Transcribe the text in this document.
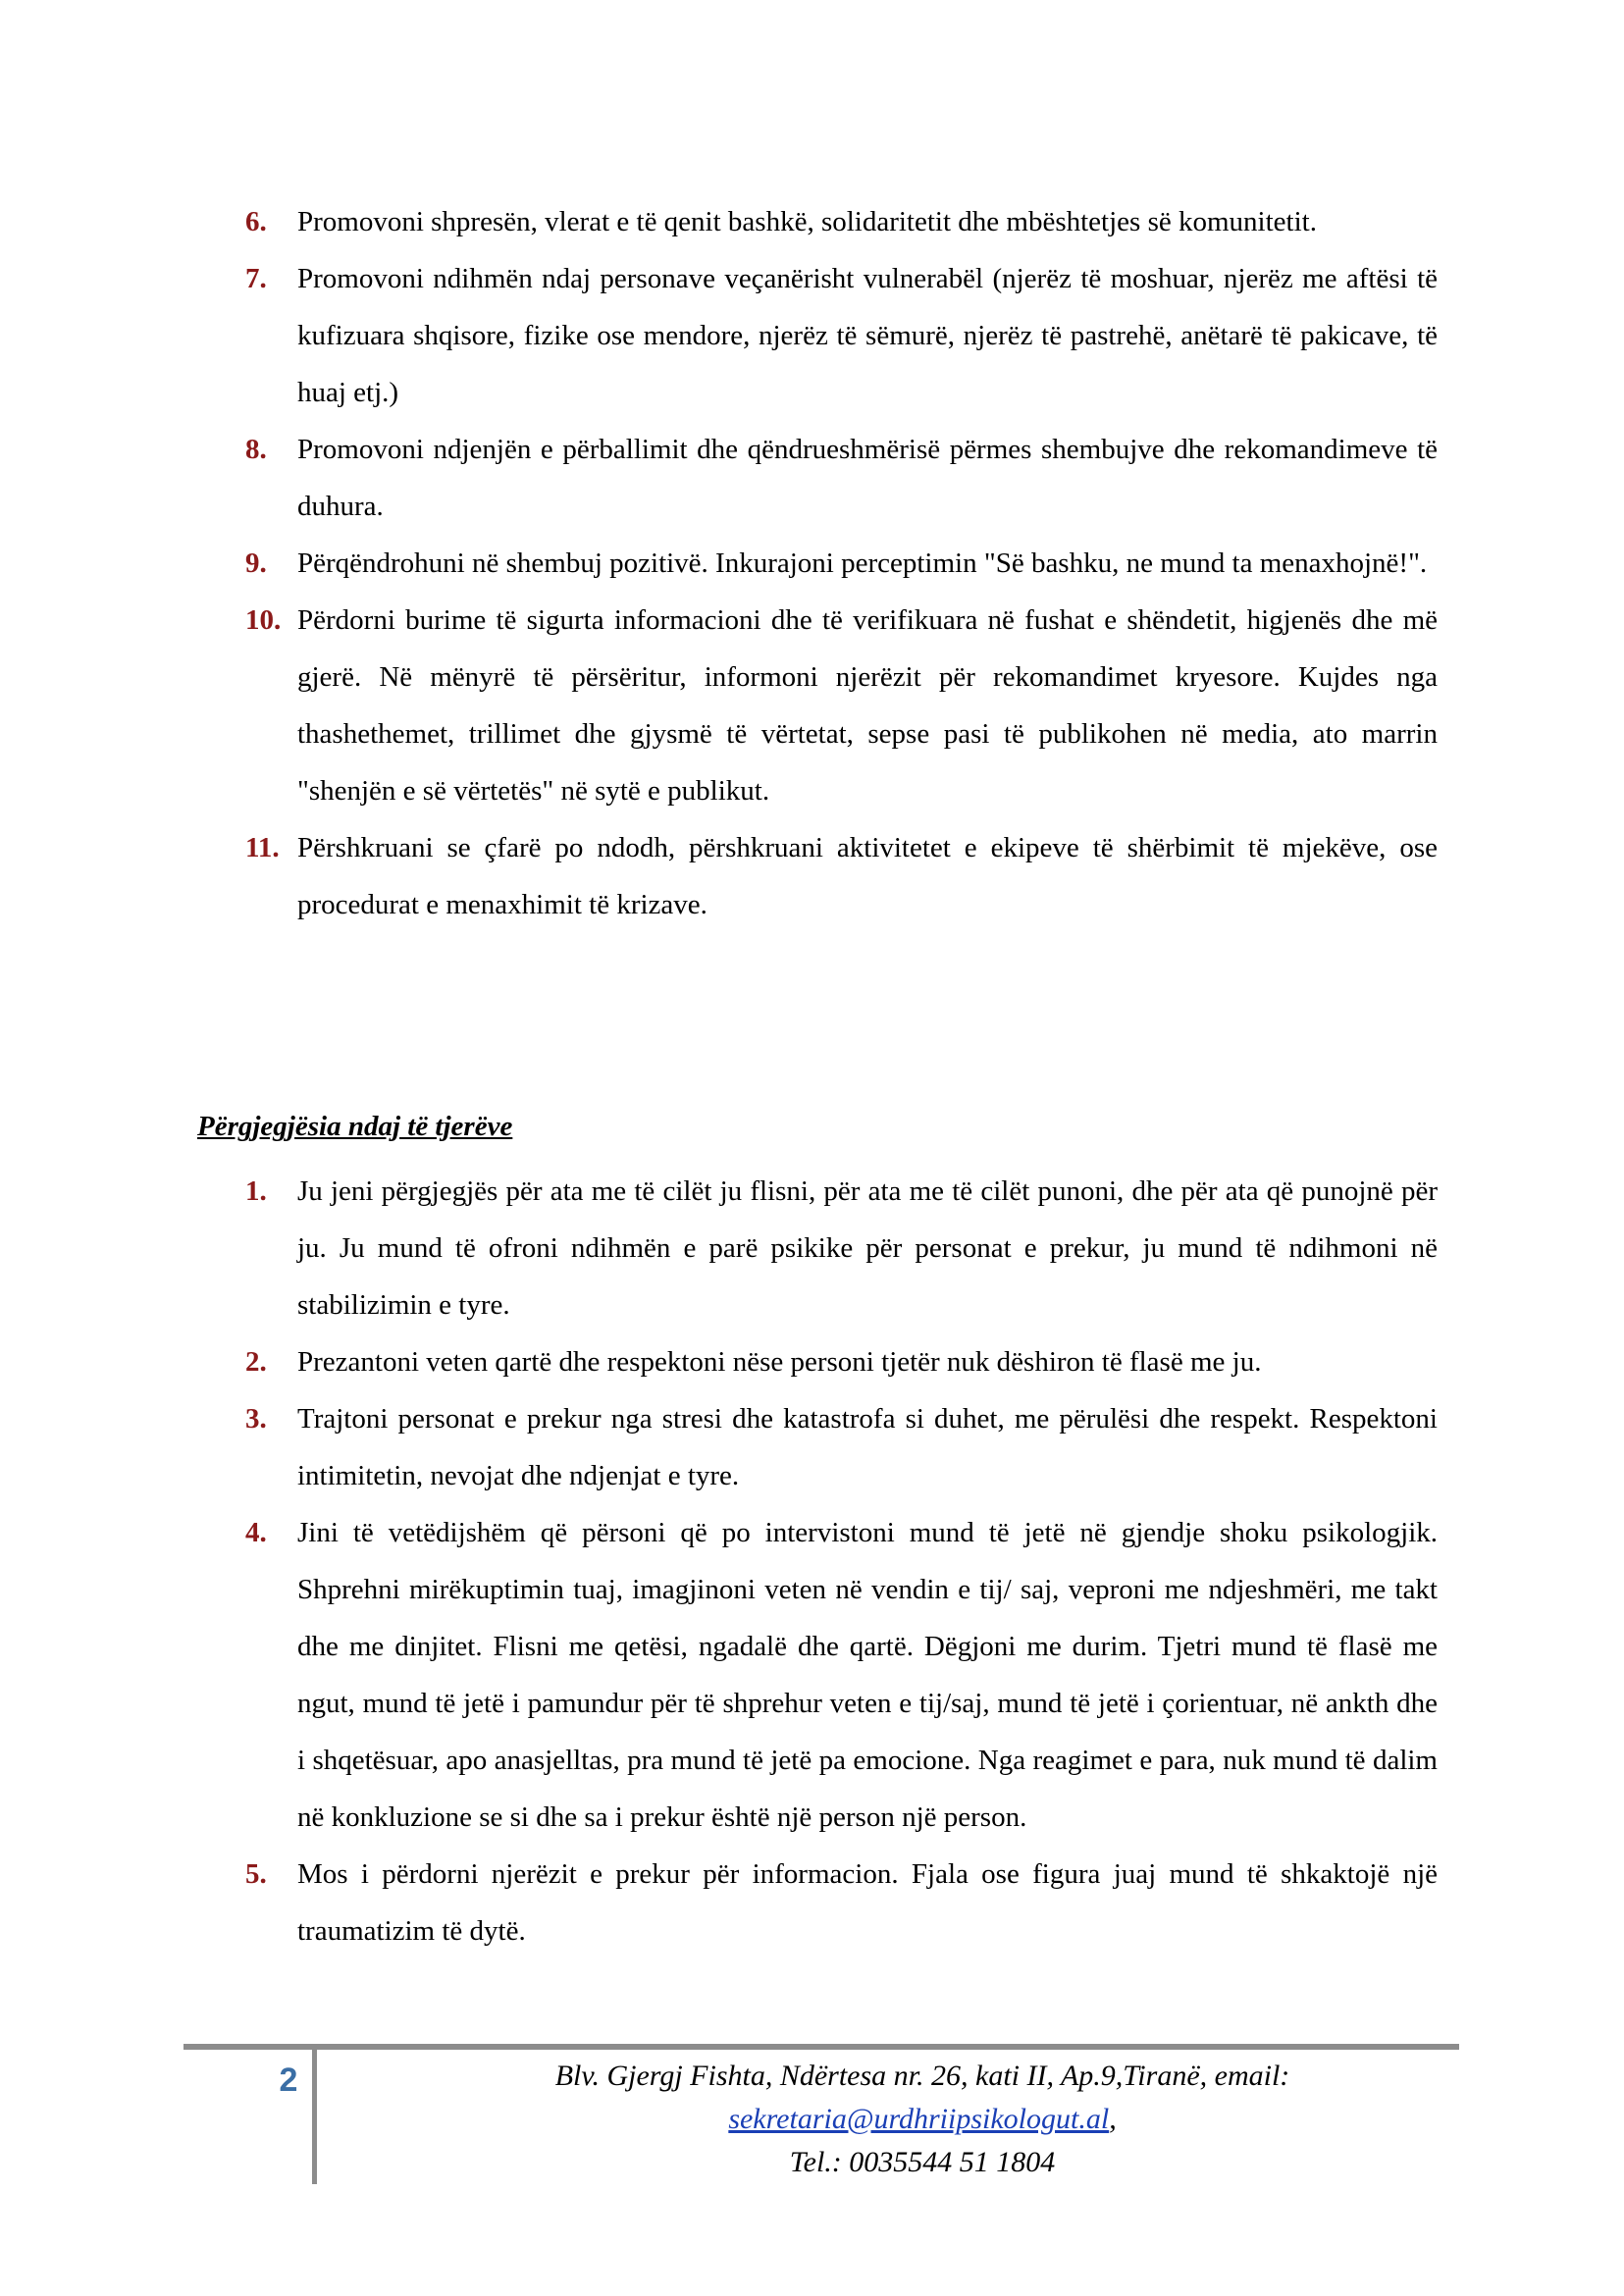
6.	Promovoni shpresën, vlerat e të qenit bashkë, solidaritetit dhe mbështetjes së komunitetit.
7.	Promovoni ndihmën ndaj personave veçanërisht vulnerabël (njerëz të moshuar, njerëz me aftësi të kufizuara shqisore, fizike ose mendore, njerëz të sëmurë, njerëz të pastrehë, anëtarë të pakicave, të huaj etj.)
8.	Promovoni ndjenjën e përballimit dhe qëndrueshmërisë përmes shembujve dhe rekomandimeve të duhura.
9.	Përqëndrohuni në shembuj pozitivë. Inkurajoni perceptimin "Së bashku, ne mund ta menaxhojnë!".
10. Përdorni burime të sigurta informacioni dhe të verifikuara në fushat e shëndetit, higjenës dhe më gjerë. Në mënyrë të përsëritur, informoni njerëzit për rekomandimet kryesore. Kujdes nga thashethemet, trillimet dhe gjysmë të vërtetat, sepse pasi të publikohen në media, ato marrin "shenjën e së vërtetës" në sytë e publikut.
11. Përshkruani se çfarë po ndodh, përshkruani aktivitetet e ekipeve të shërbimit të mjekëve, ose procedurat e menaxhimit të krizave.
Përgjegjësia ndaj të tjerëve
1.	Ju jeni përgjegjës për ata me të cilët ju flisni, për ata me të cilët punoni, dhe për ata që punojnë për ju. Ju mund të ofroni ndihmën e parë psikike për personat e prekur, ju mund të ndihmoni në stabilizimin e tyre.
2.	Prezantoni veten qartë dhe respektoni nëse personi tjetër nuk dëshiron të flasë me ju.
3.	Trajtoni personat e prekur nga stresi dhe katastrofa si duhet, me përulësi dhe respekt. Respektoni intimitetin, nevojat dhe ndjenjat e tyre.
4.	Jini të vetëdijshëm që përsoni që po intervistoni mund të jetë në gjendje shoku psikologjik. Shprehni mirëkuptimin tuaj, imagjinoni veten në vendin e tij/ saj, veproni me ndjeshmëri, me takt dhe me dinjitet. Flisni me qetësi, ngadalë dhe qartë. Dëgjoni me durim. Tjetri mund të flasë me ngut, mund të jetë i pamundur për të shprehur veten e tij/saj, mund të jetë i çorientuar, në ankth dhe i shqetësuar, apo anasjelltas, pra mund të jetë pa emocione. Nga reagimet e para, nuk mund të dalim në konkluzione se si dhe sa i prekur është një person një person.
5.	Mos i përdorni njerëzit e prekur për informacion. Fjala ose figura juaj mund të shkaktojë një traumatizim të dytë.
2	Blv. Gjergj Fishta, Ndërtesa nr. 26, kati II, Ap.9,Tiranë, email:
sekretaria@urdhriipsikologut.al,
Tel.: 0035544 51 1804
